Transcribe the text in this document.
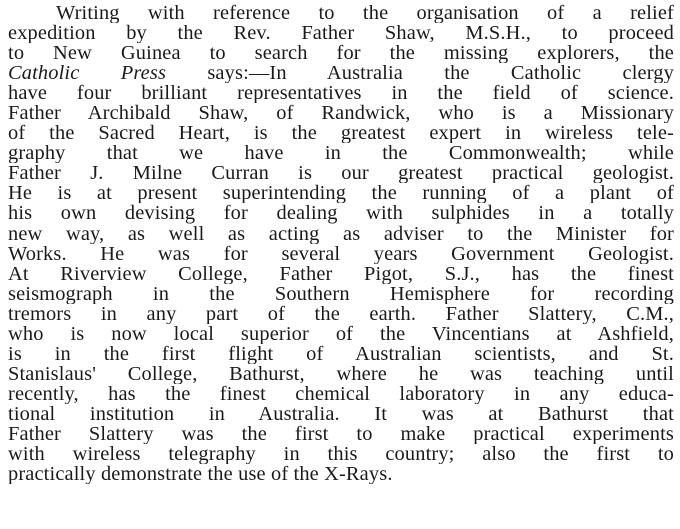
Writing with reference to the organisation of a relief
expedition by the Rev. Father Shaw, M.S.H., to proceed
to New Guinea to search for the missing explorers, the
Catholic Press says:—In Australia the Catholic clergy
have four brilliant representatives in the field of science.
Father Archibald Shaw, of Randwick, who is a Missionary
of the Sacred Heart, is the greatest expert in wireless tele-
graphy that we have in the Commonwealth; while
Father J. Milne Curran is our greatest practical geologist.
He is at present superintending the running of a plant of
his own devising for dealing with sulphides in a totally
new way, as well as acting as adviser to the Minister for
Works. He was for several years Government Geologist.
At Riverview College, Father Pigot, S.J., has the finest
seismograph in the Southern Hemisphere for recording
tremors in any part of the earth. Father Slattery, C.M.,
who is now local superior of the Vincentians at Ashfield,
is in the first flight of Australian scientists, and St.
Stanislaus' College, Bathurst, where he was teaching until
recently, has the finest chemical laboratory in any educa-
tional institution in Australia. It was at Bathurst that
Father Slattery was the first to make practical experiments
with wireless telegraphy in this country; also the first to
practically demonstrate the use of the X-Rays.
